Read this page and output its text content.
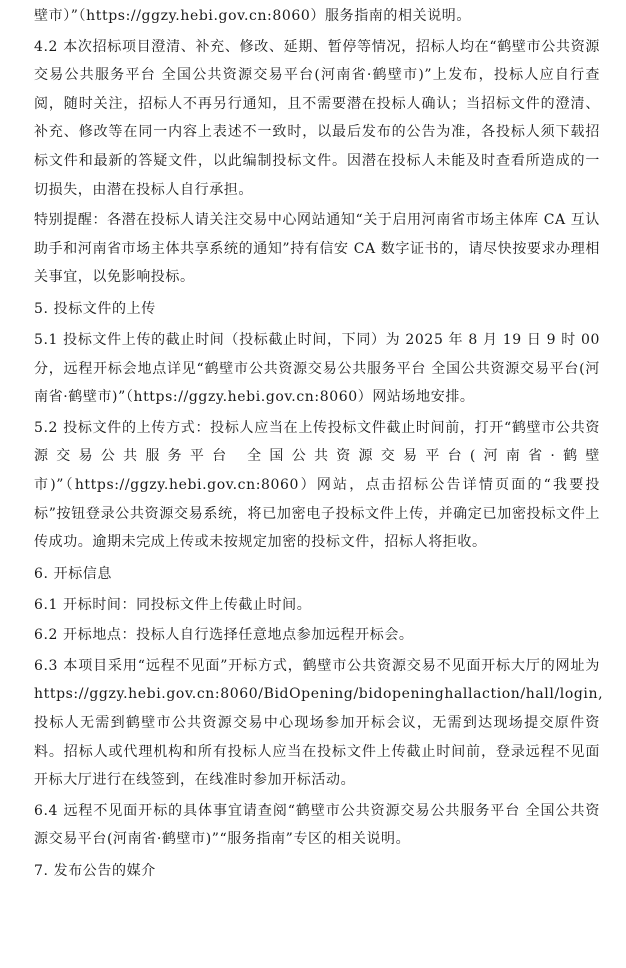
壁市）”（https://ggzy.hebi.gov.cn:8060）服务指南的相关说明。

4.2 本次招标项目澄清、补充、修改、延期、暂停等情况，招标人均在“鹤壁市公共资源交易公共服务平台 全国公共资源交易平台(河南省·鹤壁市)”上发布，投标人应自行查阅，随时关注，招标人不再另行通知，且不需要潜在投标人确认；当招标文件的澄清、补充、修改等在同一内容上表述不一致时，以最后发布的公告为准，各投标人须下载招标文件和最新的答疑文件，以此编制投标文件。因潜在投标人未能及时查看所造成的一切损失，由潜在投标人自行承担。

特别提醒：各潜在投标人请关注交易中心网站通知“关于启用河南省市场主体库 CA 互认助手和河南省市场主体共享系统的通知”持有信安 CA 数字证书的，请尽快按要求办理相关事宜，以免影响投标。

5. 投标文件的上传

5.1 投标文件上传的截止时间（投标截止时间，下同）为 2025 年 8 月 19 日 9 时 00 分，远程开标会地点详见“鹤壁市公共资源交易公共服务平台 全国公共资源交易平台(河南省·鹤壁市)”（https://ggzy.hebi.gov.cn:8060）网站场地安排。

5.2 投标文件的上传方式：投标人应当在上传投标文件截止时间前，打开“鹤壁市公共资源交易公共服务平台 全国公共资源交易平台(河南省·鹤壁市)”（https://ggzy.hebi.gov.cn:8060）网站，点击招标公告详情页面的“我要投标”按钮登录公共资源交易系统，将已加密电子投标文件上传，并确定已加密投标文件上传成功。逾期未完成上传或未按规定加密的投标文件，招标人将拒收。

6. 开标信息

6.1 开标时间：同投标文件上传截止时间。

6.2 开标地点：投标人自行选择任意地点参加远程开标会。

6.3 本项目采用“远程不见面”开标方式，鹤壁市公共资源交易不见面开标大厅的网址为https://ggzy.hebi.gov.cn:8060/BidOpening/bidopeninghallaction/hall/login,投标人无需到鹤壁市公共资源交易中心现场参加开标会议，无需到达现场提交原件资料。招标人或代理机构和所有投标人应当在投标文件上传截止时间前，登录远程不见面开标大厅进行在线签到，在线准时参加开标活动。

6.4 远程不见面开标的具体事宜请查阅“鹤壁市公共资源交易公共服务平台 全国公共资源交易平台(河南省·鹤壁市)”“服务指南”专区的相关说明。

7. 发布公告的媒介
